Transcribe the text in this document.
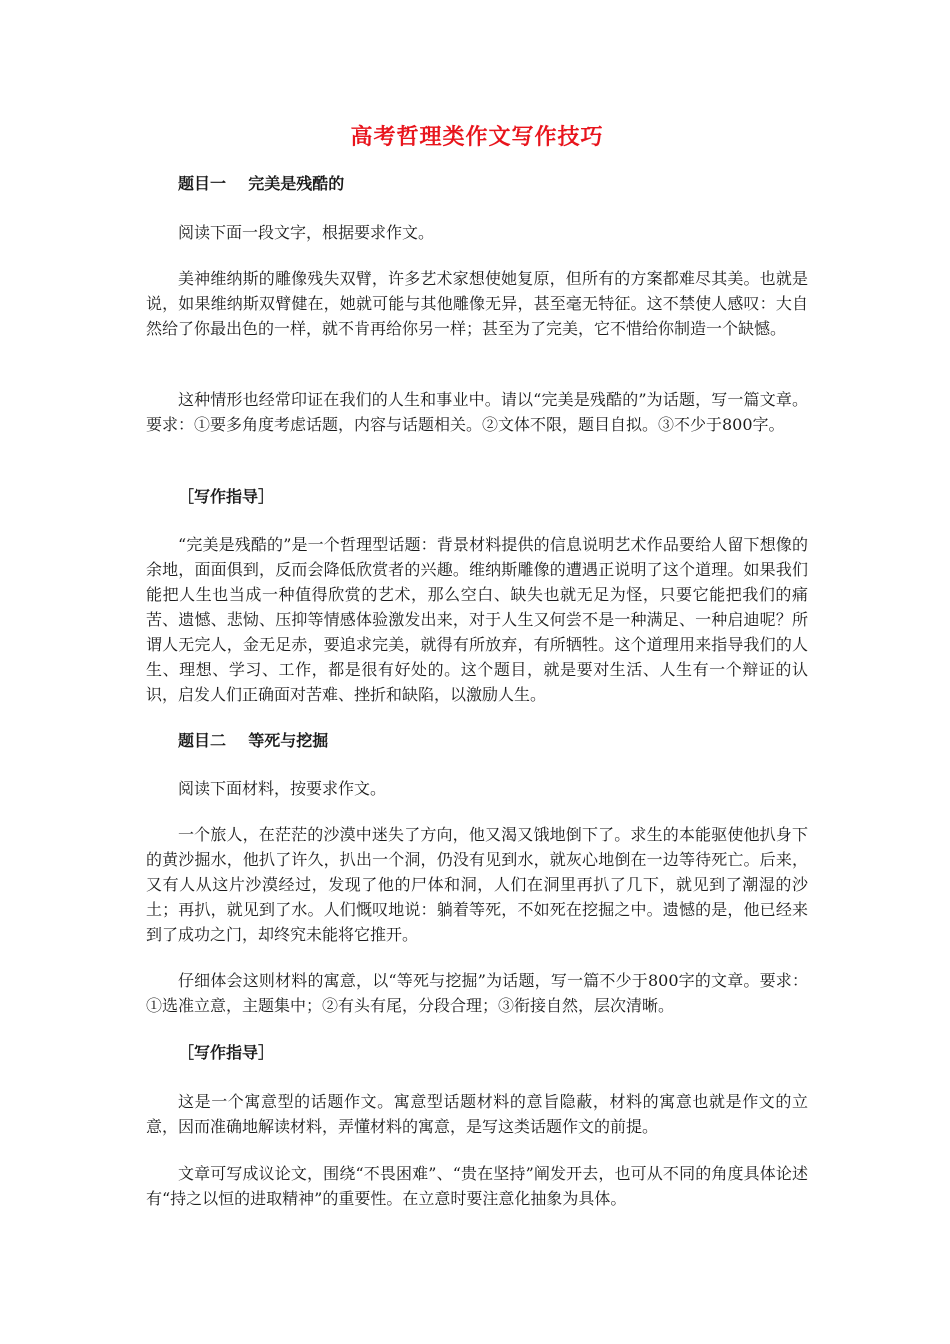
高考哲理类作文写作技巧
题目一    完美是残酷的
阅读下面一段文字，根据要求作文。
美神维纳斯的雕像残失双臂，许多艺术家想使她复原，但所有的方案都难尽其美。也就是说，如果维纳斯双臂健在，她就可能与其他雕像无异，甚至毫无特征。这不禁使人感叹：大自然给了你最出色的一样，就不肯再给你另一样；甚至为了完美，它不惜给你制造一个缺憾。
这种情形也经常印证在我们的人生和事业中。请以“完美是残酷的”为话题，写一篇文章。要求：①要多角度考虑话题，内容与话题相关。②文体不限，题目自拟。③不少于800字。
［写作指导］
“完美是残酷的”是一个哲理型话题：背景材料提供的信息说明艺术作品要给人留下想像的余地，面面俱到，反而会降低欣赏者的兴趣。维纳斯雕像的遭遇正说明了这个道理。如果我们能把人生也当成一种值得欣赏的艺术，那么空白、缺失也就无足为怪，只要它能把我们的痛苦、遗憾、悲恸、压抑等情感体验激发出来，对于人生又何尝不是一种满足、一种启迪呢？所谓人无完人，金无足赤，要追求完美，就得有所放弃，有所牺牲。这个道理用来指导我们的人生、理想、学习、工作，都是很有好处的。这个题目，就是要对生活、人生有一个辩证的认识，启发人们正确面对苦难、挫折和缺陷，以激励人生。
题目二    等死与挖掘
阅读下面材料，按要求作文。
一个旅人，在茫茫的沙漠中迷失了方向，他又渴又饿地倒下了。求生的本能驱使他扒身下的黄沙掘水，他扒了许久，扒出一个洞，仍没有见到水，就灰心地倒在一边等待死亡。后来，又有人从这片沙漠经过，发现了他的尸体和洞，人们在洞里再扒了几下，就见到了潮湿的沙土；再扒，就见到了水。人们慨叹地说：躺着等死，不如死在挖掘之中。遗憾的是，他已经来到了成功之门，却终究未能将它推开。
仔细体会这则材料的寓意，以“等死与挖掘”为话题，写一篇不少于800字的文章。要求：①选准立意，主题集中；②有头有尾，分段合理；③衔接自然，层次清晰。
［写作指导］
这是一个寓意型的话题作文。寓意型话题材料的意旨隐蔽，材料的寓意也就是作文的立意，因而准确地解读材料，弄懂材料的寓意，是写这类话题作文的前提。
文章可写成议论文，围绕“不畏困难”、“贵在坚持”阐发开去，也可从不同的角度具体论述有“持之以恒的进取精神”的重要性。在立意时要注意化抽象为具体。
